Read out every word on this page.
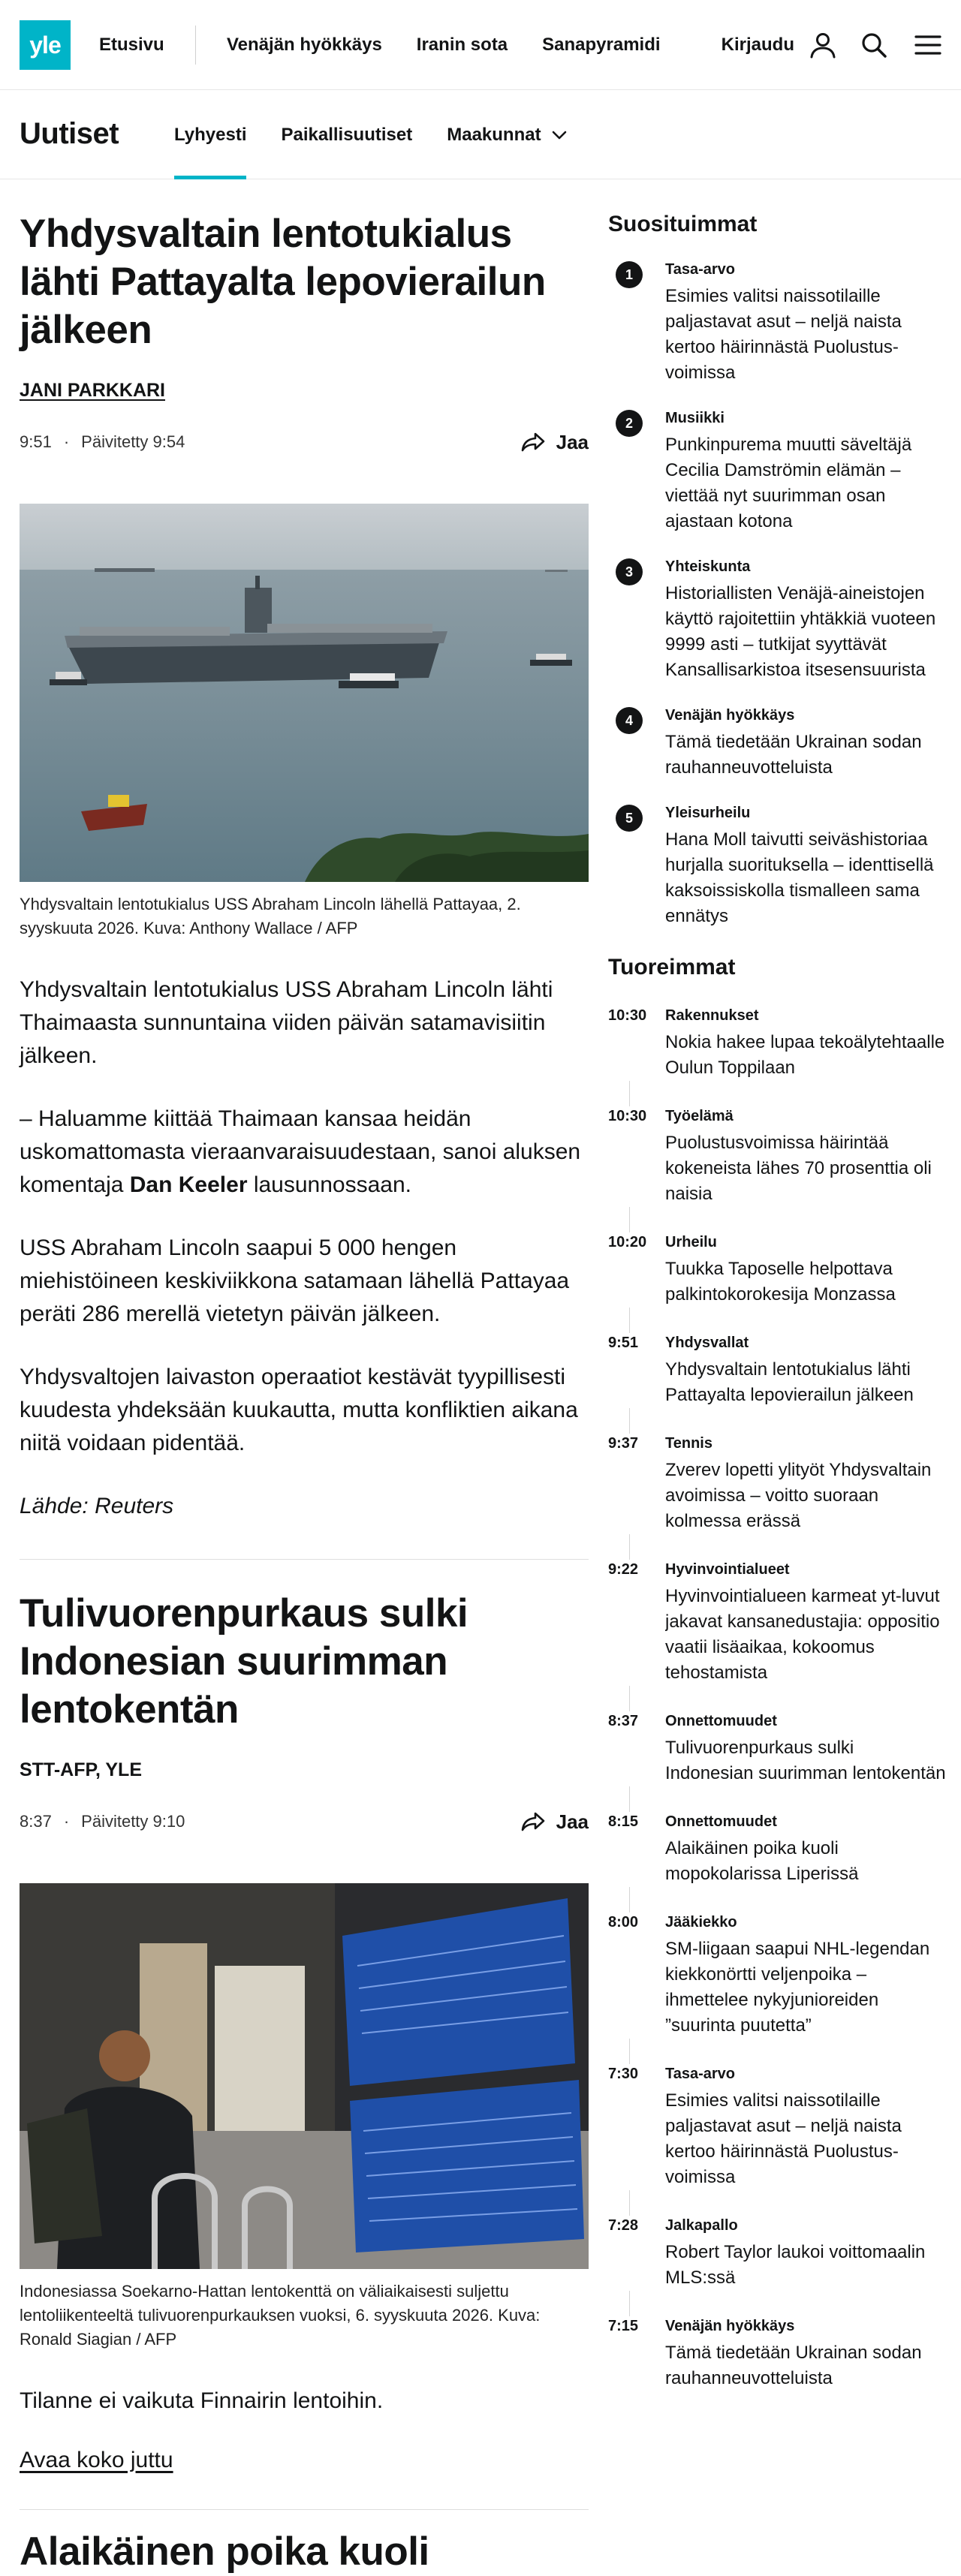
yle	Etusivu	Venäjän hyökkäys Iranin sota Sanapyramidi	Kirjaudu
Uutiset	Lyhyesti Paikallisuutiset Maakunnat
Yhdysvaltain lentotukialus lähti Pattayalta lepovierailun jälkeen
JANI PARKKARI
9:51 · Päivitetty 9:54	Jaa
Yhdysvaltain lentotukialus USS Abraham Lincoln lähellä Pattayaa, 2. syyskuuta 2026. Kuva: Anthony Wallace / AFP

Yhdysvaltain lentotukialus USS Abraham Lincoln lähti Thaimaasta sunnuntaina viiden päivän satamavisiitin jälkeen.

– Haluamme kiittää Thaimaan kansaa heidän uskomattomasta vieraanvaraisuudestaan, sanoi aluksen komentaja Dan Keeler lausunnossaan.

USS Abraham Lincoln saapui 5 000 hengen miehistöineen keskiviikkona satamaan lähellä Pattayaa peräti 286 merellä vietetyn päivän jälkeen.

Yhdysvaltojen laivaston operaatiot kestävät tyypillisesti kuudesta yhdeksään kuukautta, mutta konfliktien aikana niitä voidaan pidentää.

Lähde: Reuters

Tulivuorenpurkaus sulki Indonesian suurimman lentokentän
STT-AFP, YLE
8:37 · Päivitetty 9:10	Jaa
Indonesiassa Soekarno-Hattan lentokenttä on väliaikaisesti suljettu lentoliikenteeltä tulivuorenpurkauksen vuoksi, 6. syyskuuta 2026. Kuva: Ronald Siagian / AFP

Tilanne ei vaikuta Finnairin lentoihin.

Avaa koko juttu
Alaikäinen poika kuoli
Suosituimmat
1	Tasa-arvo
Esimies valitsi naissotilaille paljastavat asut – neljä naista kertoo häirinnästä Puolustusvoimissa
2	Musiikki
Punkinpurema muutti säveltäjä Cecilia Damströmin elämän – viettää nyt suurimman osan ajastaan kotona
3	Yhteiskunta
Historiallisten Venäjä-aineistojen käyttö rajoitettiin yhtäkkiä vuoteen 9999 asti – tutkijat syyttävät Kansallisarkistoa itsesensuurista
4	Venäjän hyökkäys
Tämä tiedetään Ukrainan sodan rauhanneuvotteluista
5	Yleisurheilu
Hana Moll taivutti seiväshistoriaa hurjalla suorituksella – identtisellä kaksoissiskolla tismalleen sama ennätys
Tuoreimmat
10:30	Rakennukset
Nokia hakee lupaa tekoälytehtaalle Oulun Toppilaan
10:30	Työelämä
Puolustusvoimissa häirintää kokeneista lähes 70 prosenttia oli naisia
10:20	Urheilu
Tuukka Taposelle helpottava palkintokorokesija Monzassa
9:51	Yhdysvallat
Yhdysvaltain lentotukialus lähti Pattayalta lepovierailun jälkeen
9:37	Tennis
Zverev lopetti ylityöt Yhdysvaltain avoimissa – voitto suoraan kolmessa erässä
9:22	Hyvinvointialueet
Hyvinvointialueen karmeat yt-luvut jakavat kansanedustajia: oppositio vaatii lisäaikaa, kokoomus tehostamista
8:37	Onnettomuudet
Tulivuorenpurkaus sulki Indonesian suurimman lentokentän
8:15	Onnettomuudet
Alaikäinen poika kuoli mopokolarissa Liperissä
8:00	Jääkiekko
SM-liigaan saapui NHL-legendan kiekkonörtti veljenpoika – ihmettelee nykyjunioreiden ”suurinta puutetta”
7:30	Tasa-arvo
Esimies valitsi naissotilaille paljastavat asut – neljä naista kertoo häirinnästä Puolustusvoimissa
7:28	Jalkapallo
Robert Taylor laukoi voittomaalin MLS:ssä
7:15	Venäjän hyökkäys
Tämä tiedetään Ukrainan sodan rauhanneuvotteluista
